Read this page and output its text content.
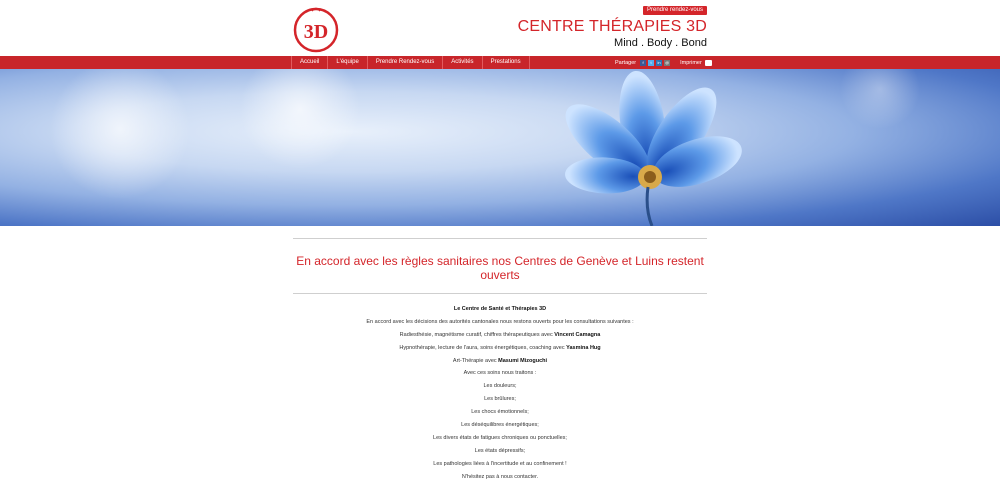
3D
Prendre rendez-vous
CENTRE THÉRAPIES 3D
Mind . Body . Bond
Accueil	L'équipe	Prendre Rendez-vous	Activités	Prestations	Partager	f	t	in	@ Imprimer
En accord avec les règles sanitaires nos Centres de Genève et Luins restent ouverts

Le Centre de Santé et Thérapies 3D

En accord avec les décisions des autorités cantonales nous restons ouverts pour les consultations suivantes :

Radiesthésie, magnétisme curatif, chiffres thérapeutiques avec Vincent Camagna

Hypnothérapie, lecture de l'aura, soins énergétiques, coaching avec Yasmina Hug

Art-Thérapie avec Masumi Mizoguchi

Avec ces soins nous traitons :

Les douleurs;

Les brûlures;

Les chocs émotionnels;

Les déséquilibres énergétiques;

Les divers états de fatigues chroniques ou ponctuelles;

Les états dépressifs;

Les pathologies liées à l'incertitude et au confinement !

N'hésitez pas à nous contacter.
